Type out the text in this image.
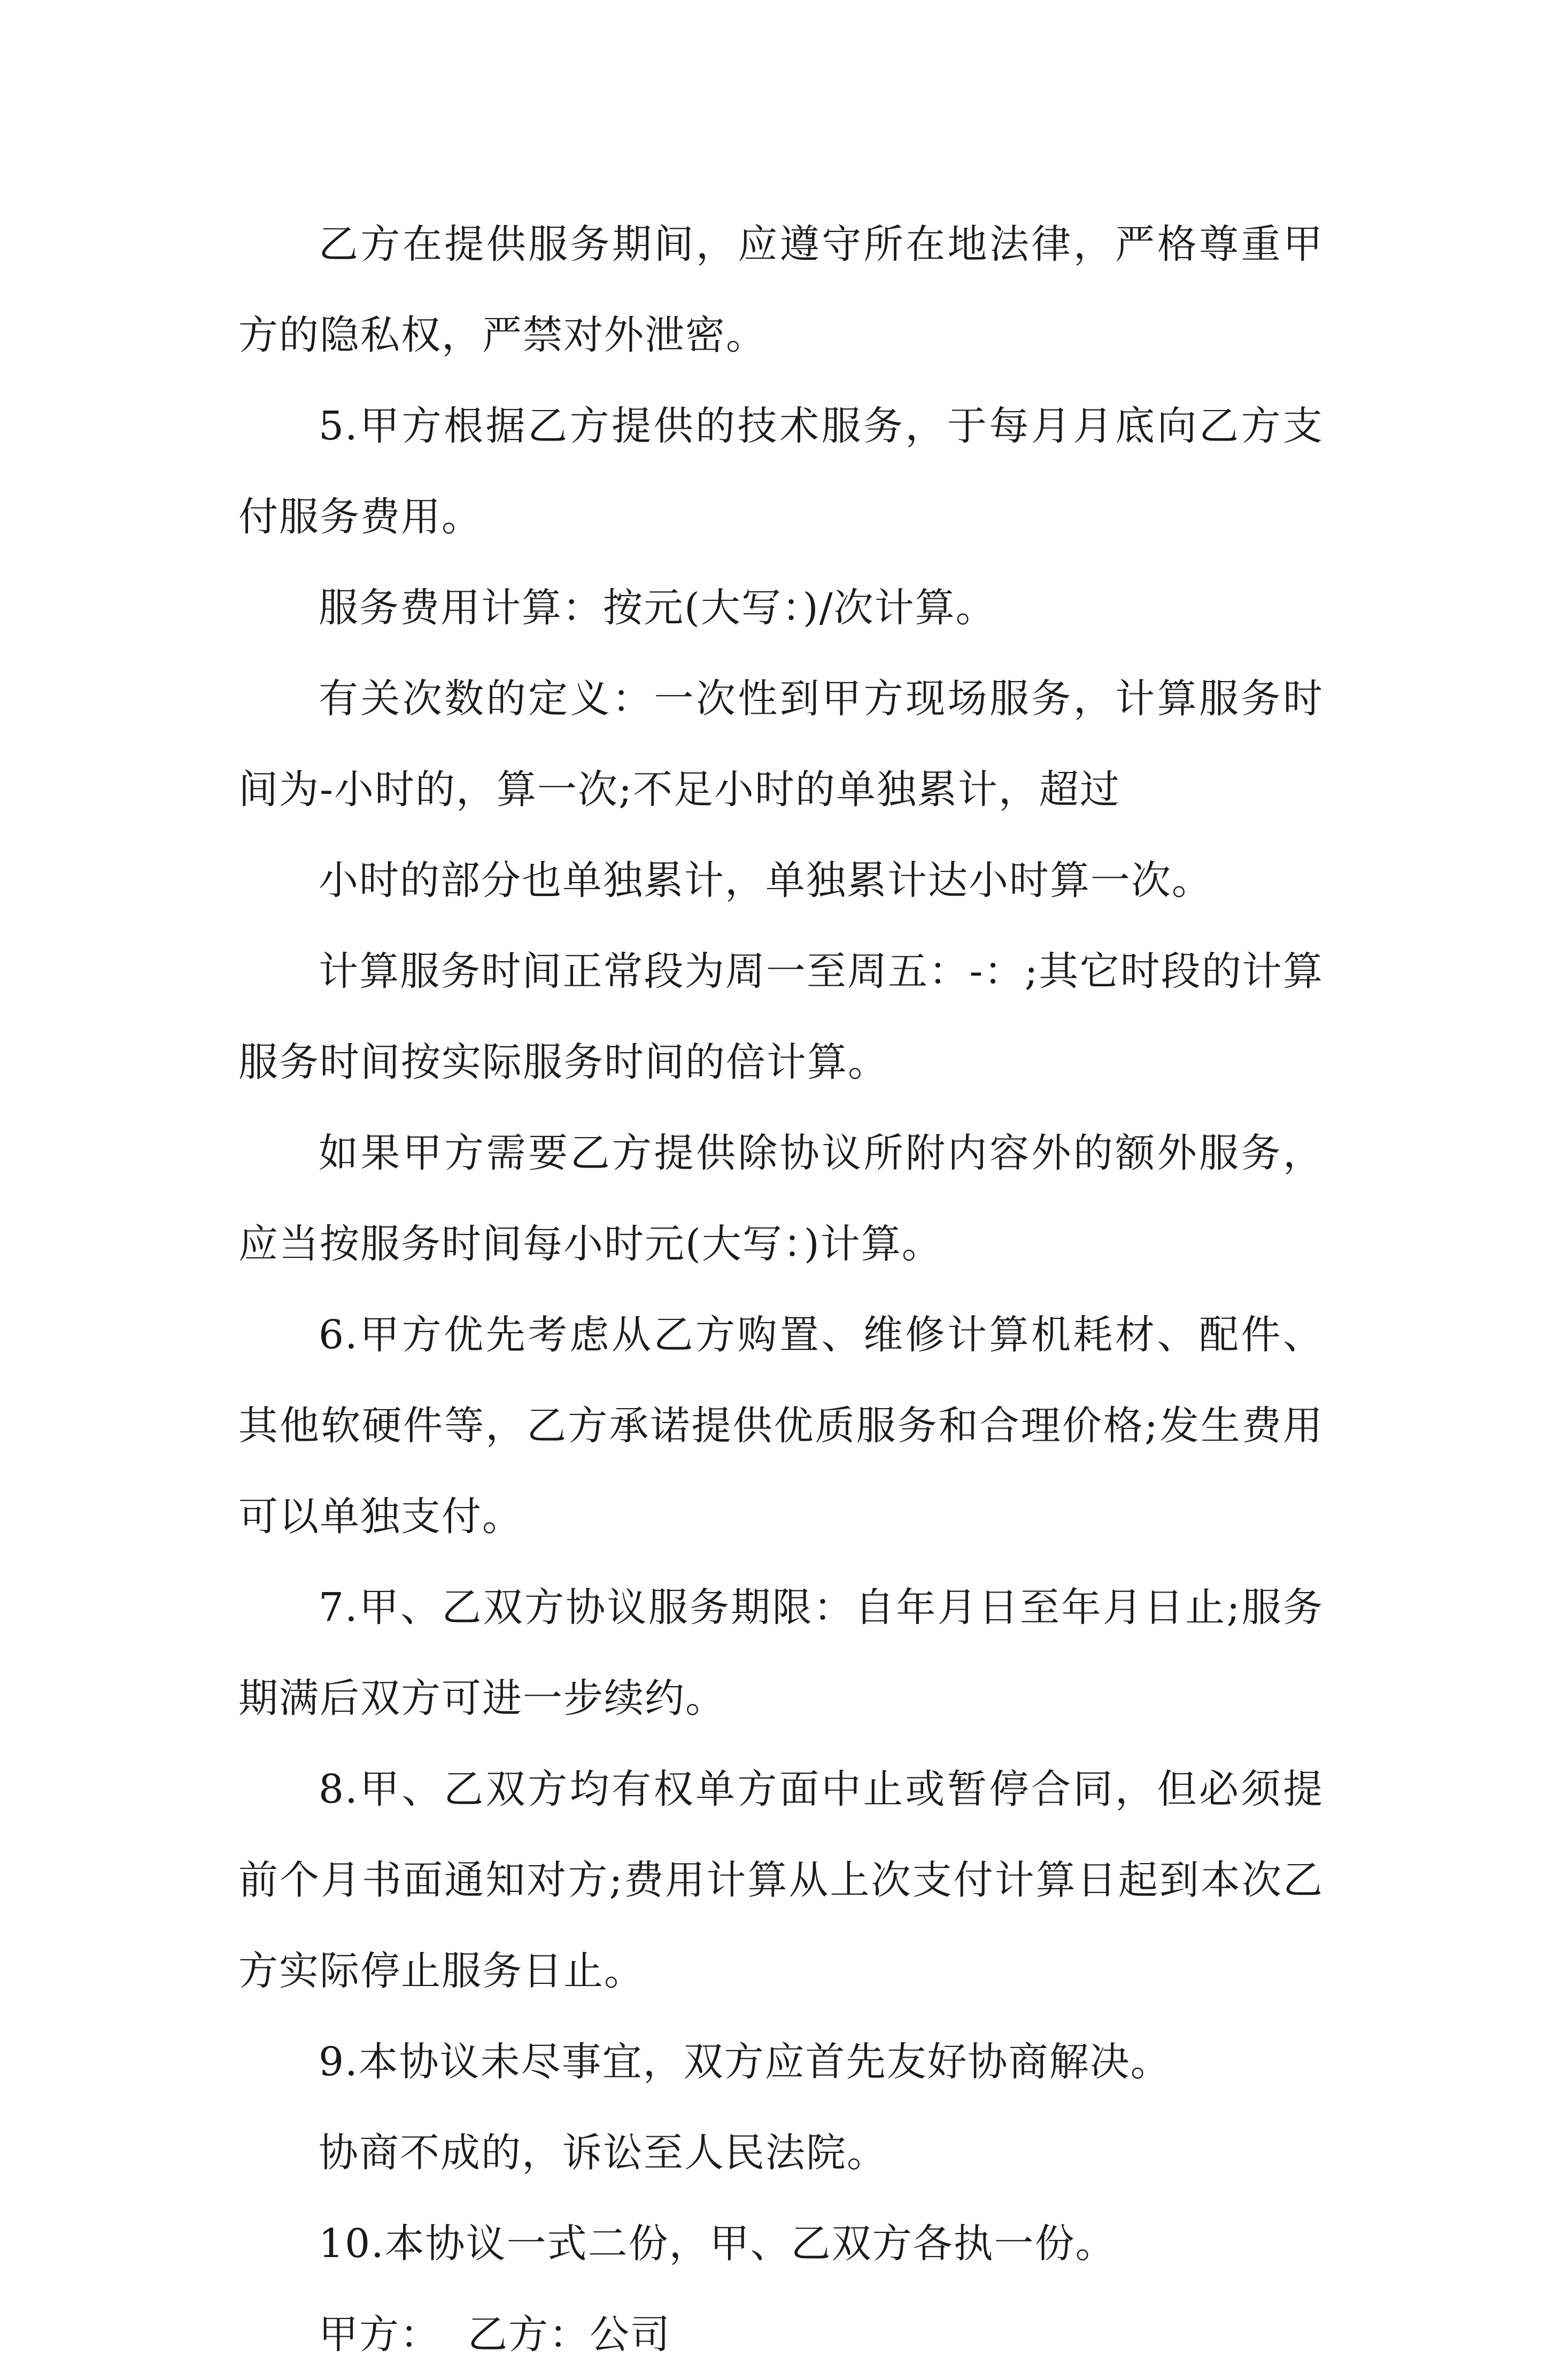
乙方在提供服务期间，应遵守所在地法律，严格尊重甲方的隐私权，严禁对外泄密。

5.甲方根据乙方提供的技术服务，于每月月底向乙方支付服务费用。

服务费用计算：按元(大写：)/次计算。

有关次数的定义：一次性到甲方现场服务，计算服务时间为-小时的，算一次;不足小时的单独累计，超过

小时的部分也单独累计，单独累计达小时算一次。

计算服务时间正常段为周一至周五：-：;其它时段的计算服务时间按实际服务时间的倍计算。

如果甲方需要乙方提供除协议所附内容外的额外服务，应当按服务时间每小时元(大写：)计算。

6.甲方优先考虑从乙方购置、维修计算机耗材、配件、其他软硬件等，乙方承诺提供优质服务和合理价格;发生费用可以单独支付。

7.甲、乙双方协议服务期限：自年月日至年月日止;服务期满后双方可进一步续约。

8.甲、乙双方均有权单方面中止或暂停合同，但必须提前个月书面通知对方;费用计算从上次支付计算日起到本次乙方实际停止服务日止。

9.本协议未尽事宜，双方应首先友好协商解决。

协商不成的，诉讼至人民法院。

10.本协议一式二份，甲、乙双方各执一份。

甲方： 乙方：公司
